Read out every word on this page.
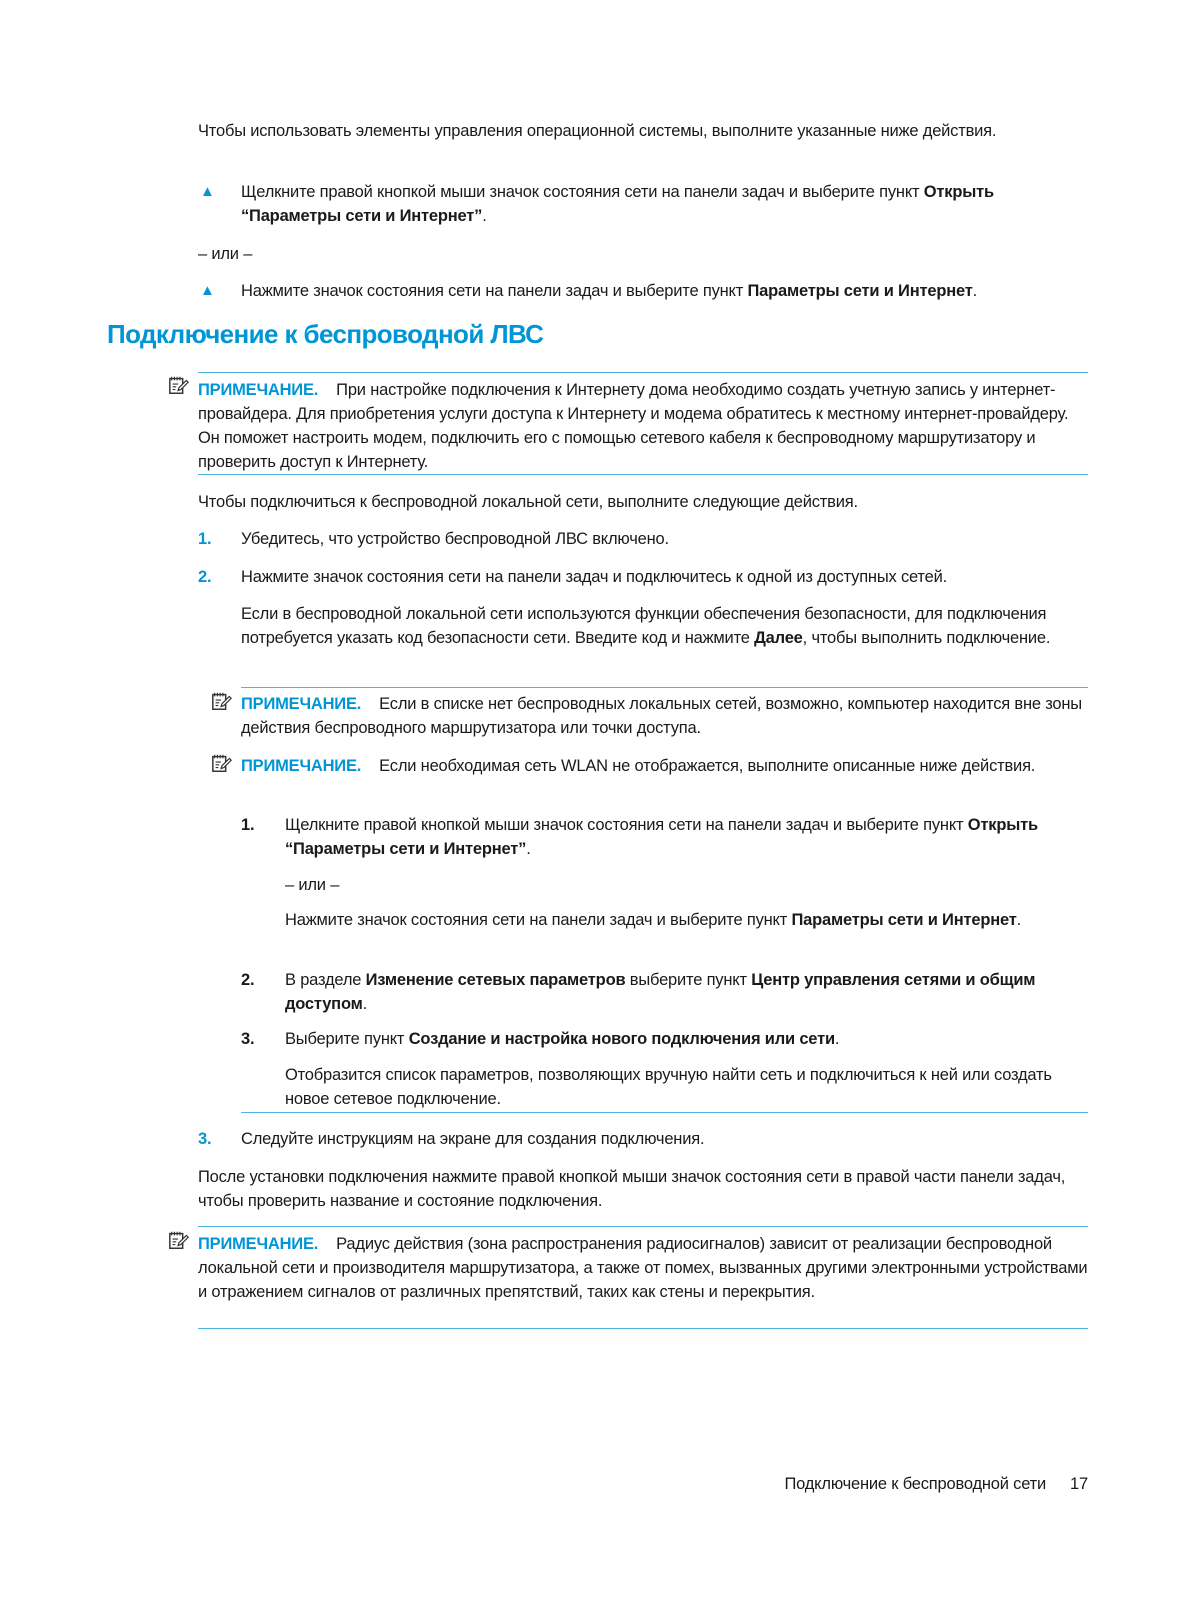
Чтобы использовать элементы управления операционной системы, выполните указанные ниже действия.

▲ Щелкните правой кнопкой мыши значок состояния сети на панели задач и выберите пункт Открыть “Параметры сети и Интернет”.

– или –

▲ Нажмите значок состояния сети на панели задач и выберите пункт Параметры сети и Интернет.

Подключение к беспроводной ЛВС

ПРИМЕЧАНИЕ. При настройке подключения к Интернету дома необходимо создать учетную запись у интернет-провайдера. Для приобретения услуги доступа к Интернету и модема обратитесь к местному интернет-провайдеру. Он поможет настроить модем, подключить его с помощью сетевого кабеля к беспроводному маршрутизатору и проверить доступ к Интернету.

Чтобы подключиться к беспроводной локальной сети, выполните следующие действия.

1. Убедитесь, что устройство беспроводной ЛВС включено.

2. Нажмите значок состояния сети на панели задач и подключитесь к одной из доступных сетей.

Если в беспроводной локальной сети используются функции обеспечения безопасности, для подключения потребуется указать код безопасности сети. Введите код и нажмите Далее, чтобы выполнить подключение.

ПРИМЕЧАНИЕ. Если в списке нет беспроводных локальных сетей, возможно, компьютер находится вне зоны действия беспроводного маршрутизатора или точки доступа.

ПРИМЕЧАНИЕ. Если необходимая сеть WLAN не отображается, выполните описанные ниже действия.

1. Щелкните правой кнопкой мыши значок состояния сети на панели задач и выберите пункт Открыть “Параметры сети и Интернет”.

– или –

Нажмите значок состояния сети на панели задач и выберите пункт Параметры сети и Интернет.

2. В разделе Изменение сетевых параметров выберите пункт Центр управления сетями и общим доступом.

3. Выберите пункт Создание и настройка нового подключения или сети.

Отобразится список параметров, позволяющих вручную найти сеть и подключиться к ней или создать новое сетевое подключение.

3. Следуйте инструкциям на экране для создания подключения.

После установки подключения нажмите правой кнопкой мыши значок состояния сети в правой части панели задач, чтобы проверить название и состояние подключения.

ПРИМЕЧАНИЕ. Радиус действия (зона распространения радиосигналов) зависит от реализации беспроводной локальной сети и производителя маршрутизатора, а также от помех, вызванных другими электронными устройствами и отражением сигналов от различных препятствий, таких как стены и перекрытия.

Подключение к беспроводной сети 17
